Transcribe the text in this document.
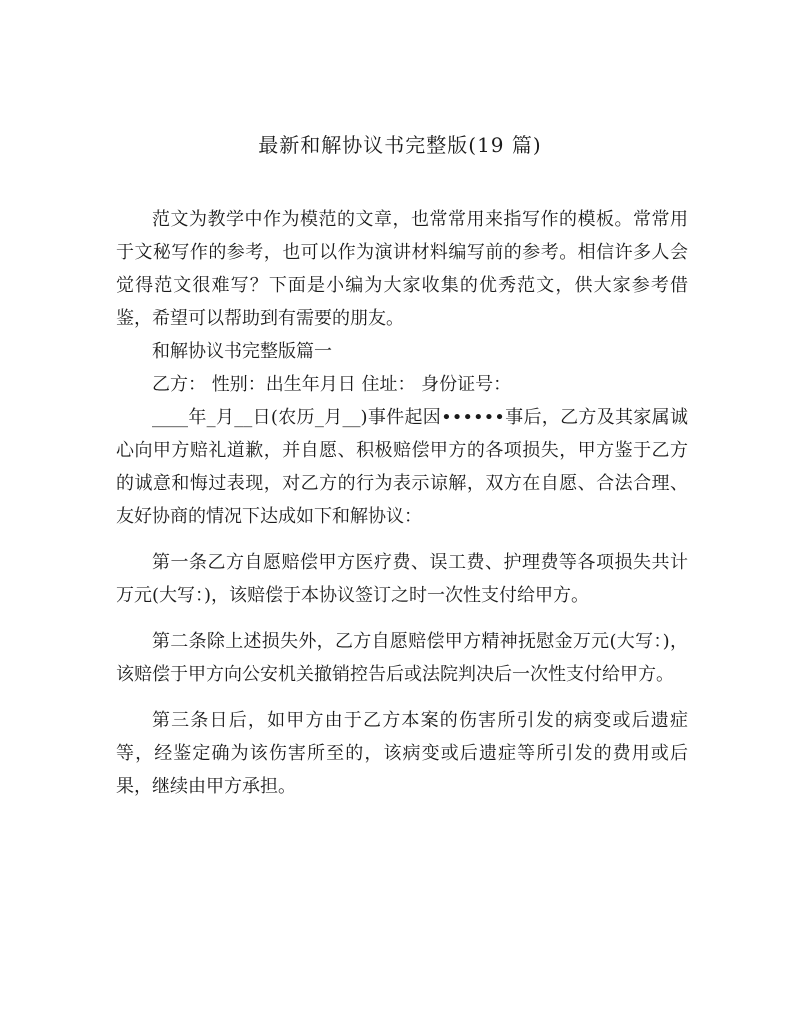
最新和解协议书完整版(19 篇)

范文为教学中作为模范的文章，也常常用来指写作的模板。常常用于文秘写作的参考，也可以作为演讲材料编写前的参考。相信许多人会觉得范文很难写？下面是小编为大家收集的优秀范文，供大家参考借鉴，希望可以帮助到有需要的朋友。

和解协议书完整版篇一

乙方： 性别：出生年月日 住址： 身份证号：

____年_月__日(农历_月__)事件起因••••••事后，乙方及其家属诚心向甲方赔礼道歉，并自愿、积极赔偿甲方的各项损失，甲方鉴于乙方的诚意和悔过表现，对乙方的行为表示谅解，双方在自愿、合法合理、友好协商的情况下达成如下和解协议：

第一条乙方自愿赔偿甲方医疗费、误工费、护理费等各项损失共计万元(大写：)，该赔偿于本协议签订之时一次性支付给甲方。

第二条除上述损失外，乙方自愿赔偿甲方精神抚慰金万元(大写：)，该赔偿于甲方向公安机关撤销控告后或法院判决后一次性支付给甲方。

第三条日后，如甲方由于乙方本案的伤害所引发的病变或后遗症等，经鉴定确为该伤害所至的，该病变或后遗症等所引发的费用或后果，继续由甲方承担。
